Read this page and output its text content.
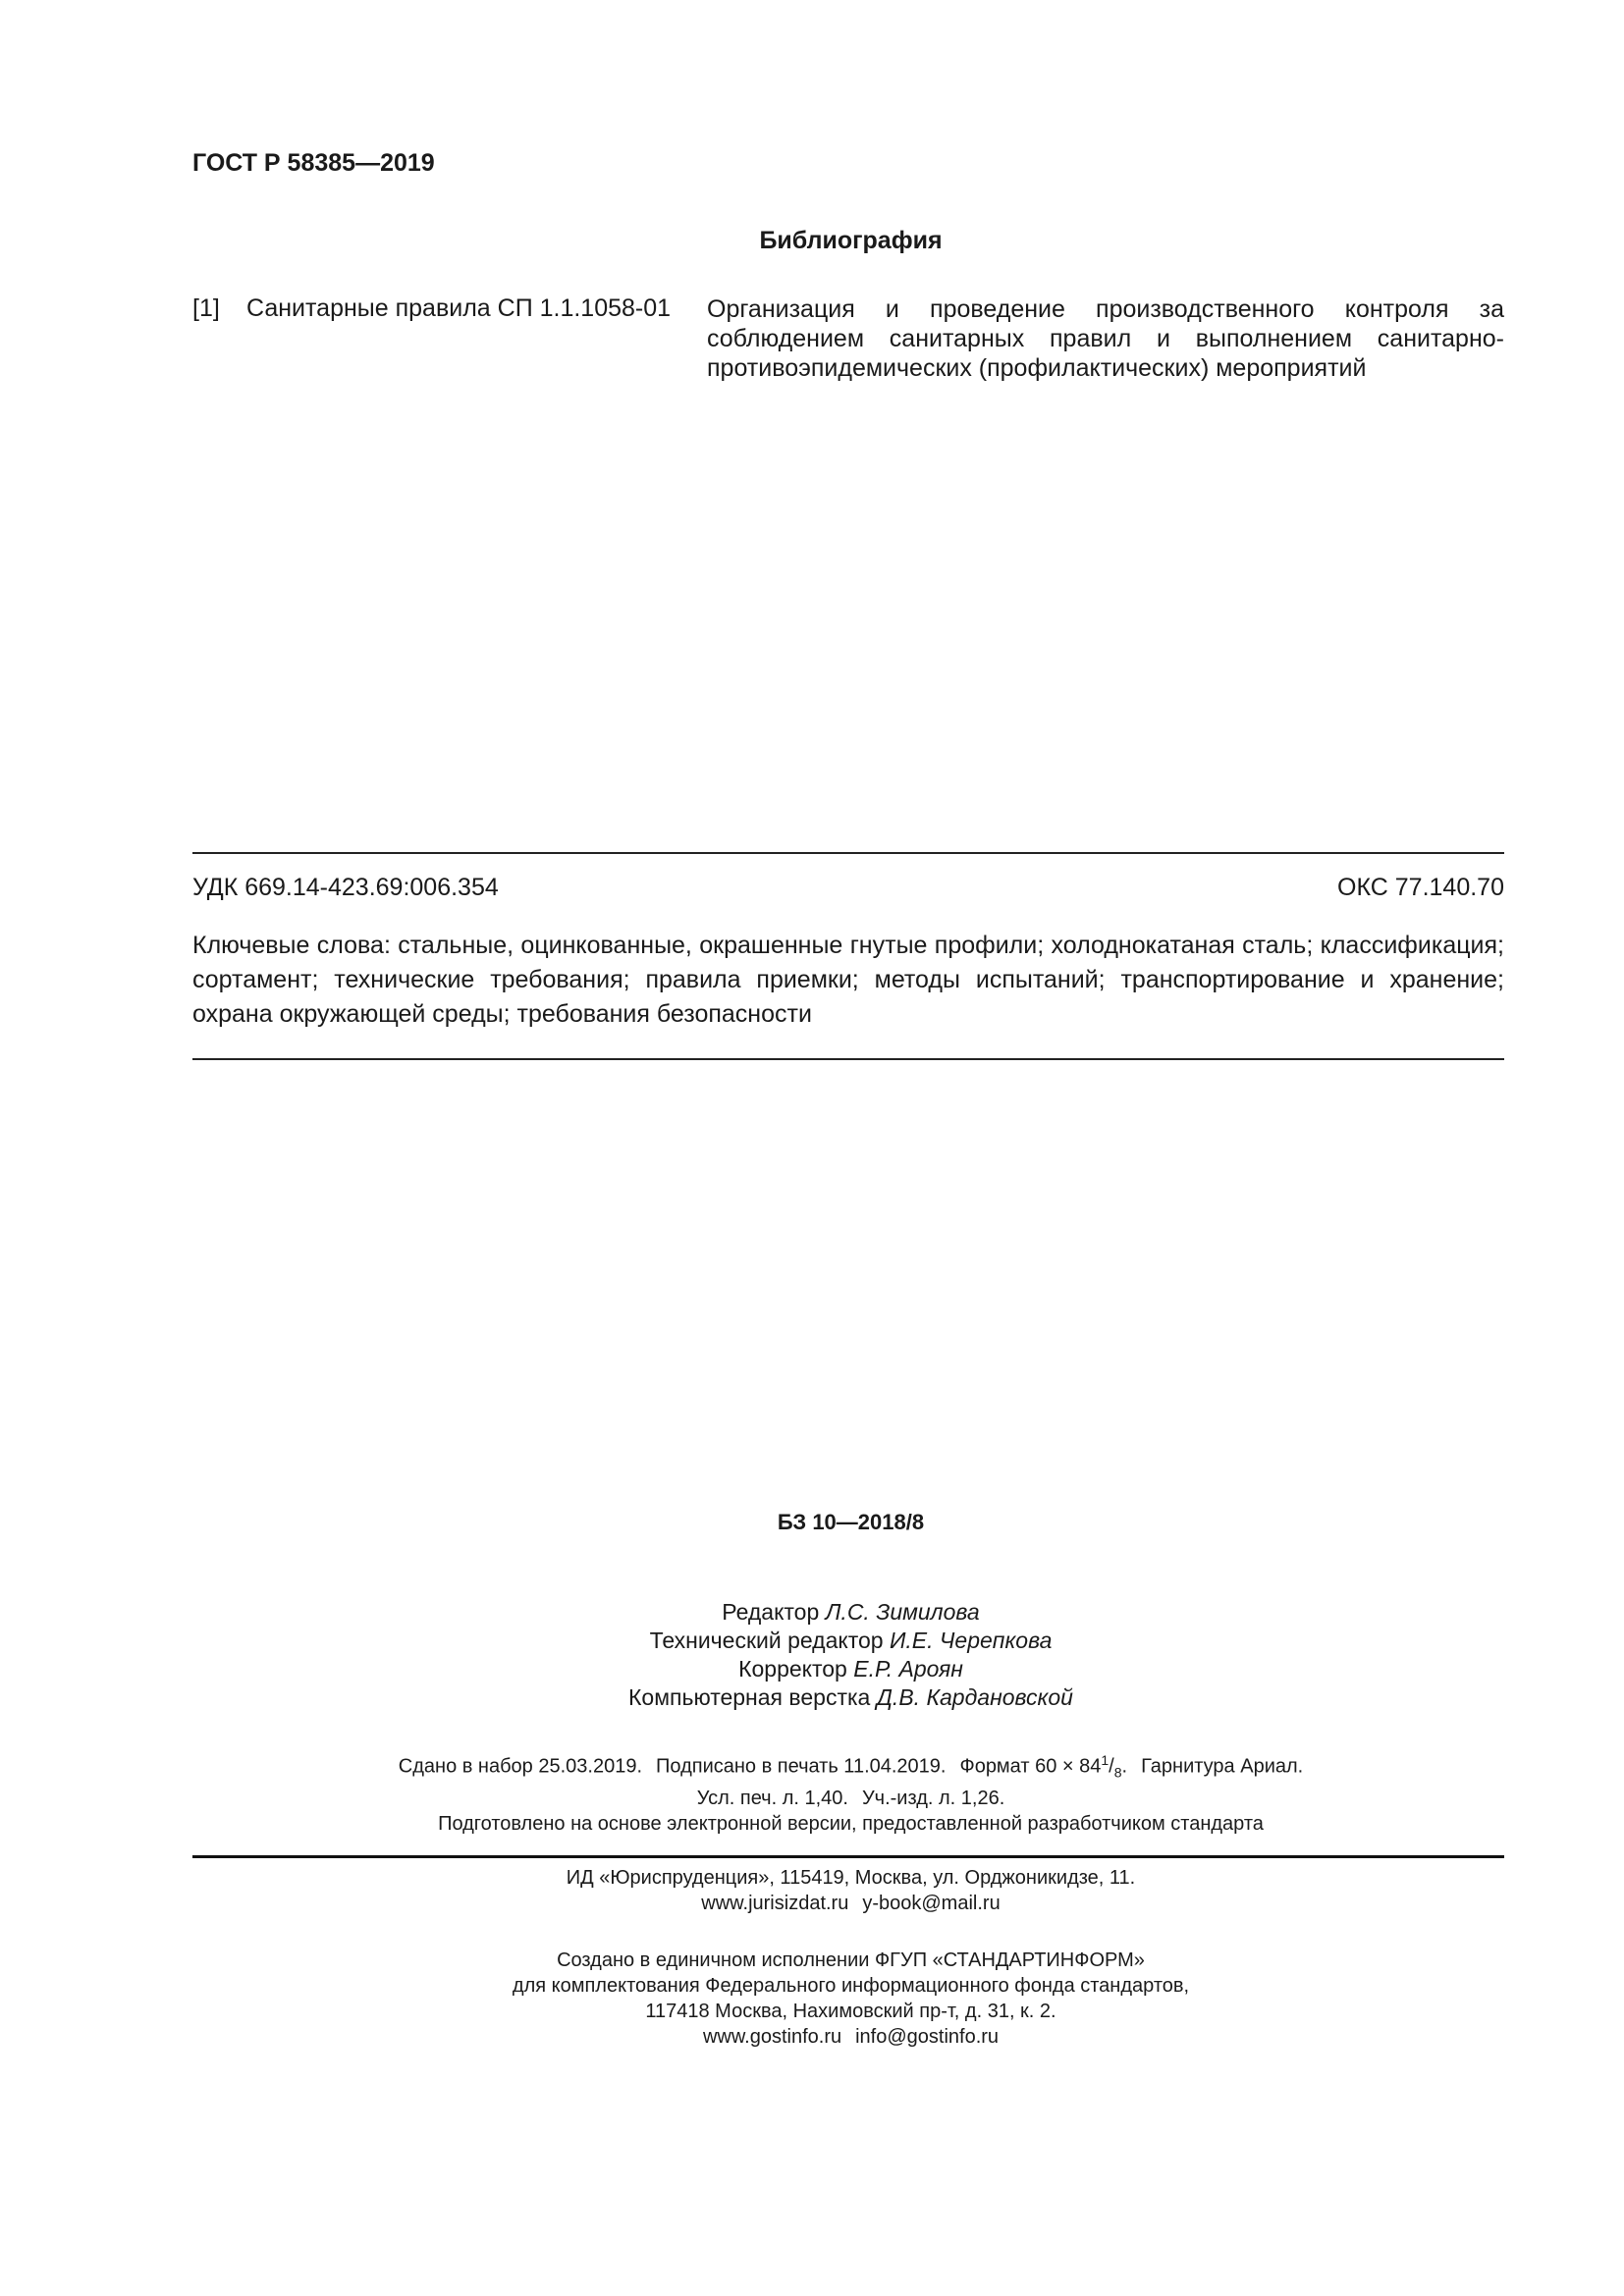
ГОСТ Р 58385—2019
Библиография
[1] Санитарные правила СП 1.1.1058-01 Организация и проведение производственного контроля за соблюдением санитарных правил и выполнением санитарно-противоэпидемических (профилактических) мероприятий
УДК 669.14-423.69:006.354	ОКС 77.140.70
Ключевые слова: стальные, оцинкованные, окрашенные гнутые профили; холоднокатаная сталь; классификация; сортамент; технические требования; правила приемки; методы испытаний; транспортирование и хранение; охрана окружающей среды; требования безопасности
БЗ 10—2018/8
Редактор Л.С. Зимилова
Технический редактор И.Е. Черепкова
Корректор Е.Р. Ароян
Компьютерная верстка Д.В. Кардановской
Сдано в набор 25.03.2019. Подписано в печать 11.04.2019. Формат $60 \times 84^1/_8$. Гарнитура Ариал.
Усл. печ. л. 1,40. Уч.-изд. л. 1,26.
Подготовлено на основе электронной версии, предоставленной разработчиком стандарта
ИД «Юриспруденция», 115419, Москва, ул. Орджоникидзе, 11.
www.jurisizdat.ru y-book@mail.ru
Создано в единичном исполнении ФГУП «СТАНДАРТИНФОРМ»
для комплектования Федерального информационного фонда стандартов,
117418 Москва, Нахимовский пр-т, д. 31, к. 2.
www.gostinfo.ru info@gostinfo.ru
